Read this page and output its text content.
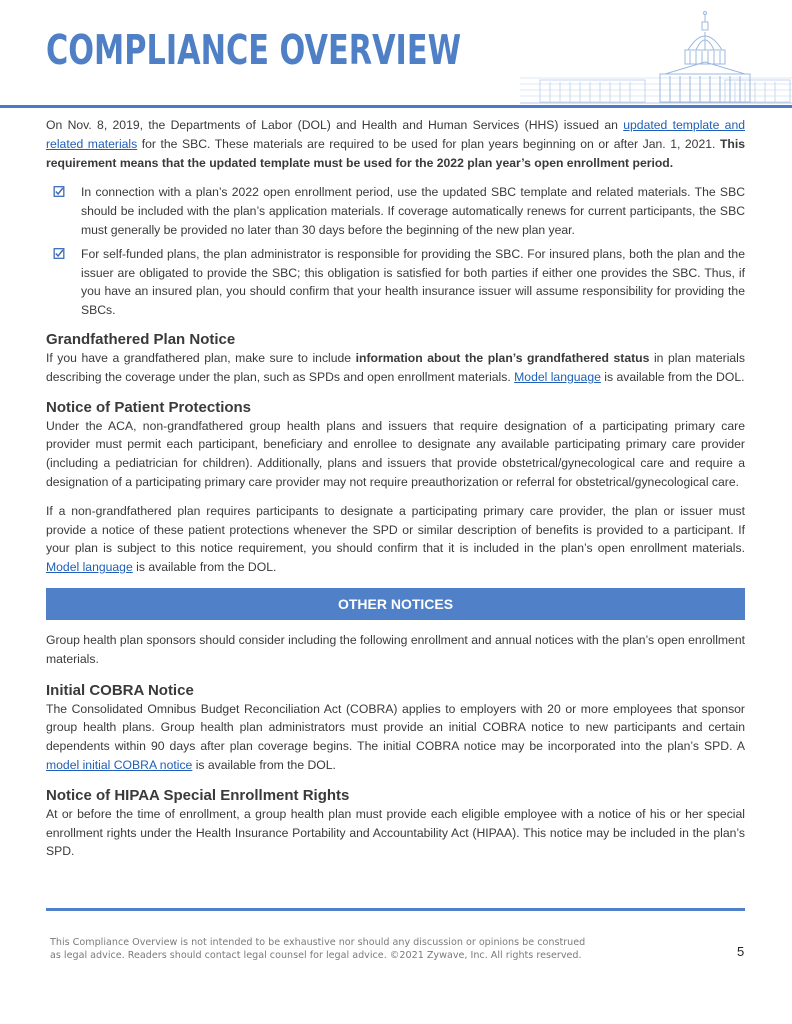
COMPLIANCE OVERVIEW

On Nov. 8, 2019, the Departments of Labor (DOL) and Health and Human Services (HHS) issued an updated template and related materials for the SBC. These materials are required to be used for plan years beginning on or after Jan. 1, 2021. This requirement means that the updated template must be used for the 2022 plan year’s open enrollment period.

In connection with a plan’s 2022 open enrollment period, use the updated SBC template and related materials. The SBC should be included with the plan’s application materials. If coverage automatically renews for current participants, the SBC must generally be provided no later than 30 days before the beginning of the new plan year.

For self-funded plans, the plan administrator is responsible for providing the SBC. For insured plans, both the plan and the issuer are obligated to provide the SBC; this obligation is satisfied for both parties if either one provides the SBC. Thus, if you have an insured plan, you should confirm that your health insurance issuer will assume responsibility for providing the SBCs.

Grandfathered Plan Notice

If you have a grandfathered plan, make sure to include information about the plan’s grandfathered status in plan materials describing the coverage under the plan, such as SPDs and open enrollment materials. Model language is available from the DOL.

Notice of Patient Protections

Under the ACA, non-grandfathered group health plans and issuers that require designation of a participating primary care provider must permit each participant, beneficiary and enrollee to designate any available participating primary care provider (including a pediatrician for children). Additionally, plans and issuers that provide obstetrical/gynecological care and require a designation of a participating primary care provider may not require preauthorization or referral for obstetrical/gynecological care.

If a non-grandfathered plan requires participants to designate a participating primary care provider, the plan or issuer must provide a notice of these patient protections whenever the SPD or similar description of benefits is provided to a participant. If your plan is subject to this notice requirement, you should confirm that it is included in the plan’s open enrollment materials. Model language is available from the DOL.

OTHER NOTICES

Group health plan sponsors should consider including the following enrollment and annual notices with the plan’s open enrollment materials.

Initial COBRA Notice

The Consolidated Omnibus Budget Reconciliation Act (COBRA) applies to employers with 20 or more employees that sponsor group health plans. Group health plan administrators must provide an initial COBRA notice to new participants and certain dependents within 90 days after plan coverage begins. The initial COBRA notice may be incorporated into the plan’s SPD. A model initial COBRA notice is available from the DOL.

Notice of HIPAA Special Enrollment Rights

At or before the time of enrollment, a group health plan must provide each eligible employee with a notice of his or her special enrollment rights under the Health Insurance Portability and Accountability Act (HIPAA). This notice may be included in the plan’s SPD.

This Compliance Overview is not intended to be exhaustive nor should any discussion or opinions be construed
as legal advice. Readers should contact legal counsel for legal advice. ©2021 Zywave, Inc. All rights reserved.	5
